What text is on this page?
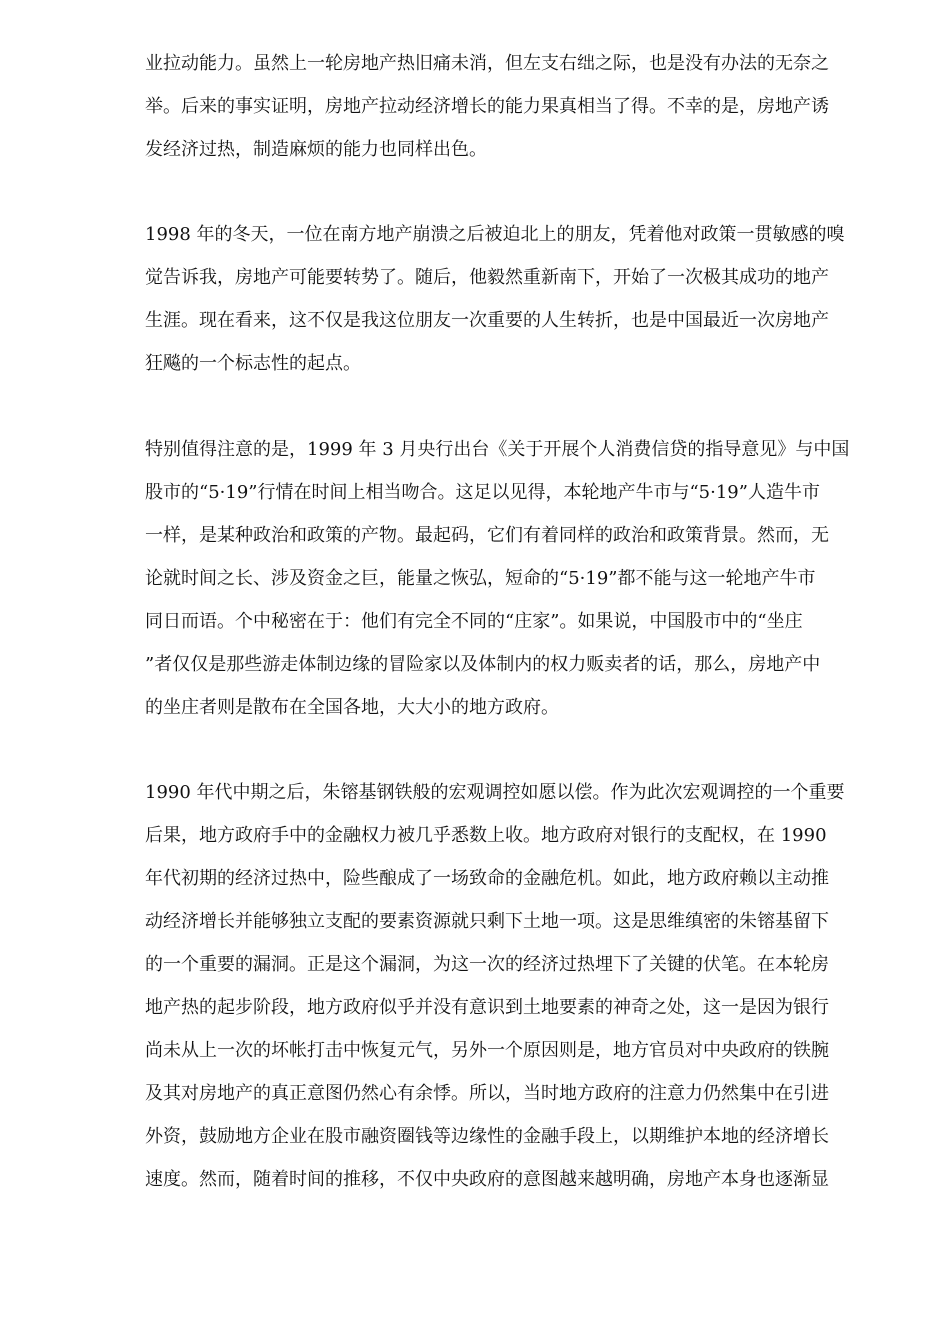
业拉动能力。虽然上一轮房地产热旧痛未消，但左支右绌之际，也是没有办法的无奈之
举。后来的事实证明，房地产拉动经济增长的能力果真相当了得。不幸的是，房地产诱
发经济过热，制造麻烦的能力也同样出色。
1998 年的冬天，一位在南方地产崩溃之后被迫北上的朋友，凭着他对政策一贯敏感的嗅
觉告诉我，房地产可能要转势了。随后，他毅然重新南下，开始了一次极其成功的地产
生涯。现在看来，这不仅是我这位朋友一次重要的人生转折，也是中国最近一次房地产
狂飚的一个标志性的起点。
特别值得注意的是，1999 年 3 月央行出台《关于开展个人消费信贷的指导意见》与中国
股市的“5·19”行情在时间上相当吻合。这足以见得，本轮地产牛市与“5·19”人造牛市
一样，是某种政治和政策的产物。最起码，它们有着同样的政治和政策背景。然而，无
论就时间之长、涉及资金之巨，能量之恢弘，短命的“5·19”都不能与这一轮地产牛市
同日而语。个中秘密在于：他们有完全不同的“庄家”。如果说，中国股市中的“坐庄
”者仅仅是那些游走体制边缘的冒险家以及体制内的权力贩卖者的话，那么，房地产中
的坐庄者则是散布在全国各地，大大小的地方政府。
1990 年代中期之后，朱镕基钢铁般的宏观调控如愿以偿。作为此次宏观调控的一个重要
后果，地方政府手中的金融权力被几乎悉数上收。地方政府对银行的支配权，在 1990
年代初期的经济过热中，险些酿成了一场致命的金融危机。如此，地方政府赖以主动推
动经济增长并能够独立支配的要素资源就只剩下土地一项。这是思维缜密的朱镕基留下
的一个重要的漏洞。正是这个漏洞，为这一次的经济过热埋下了关键的伏笔。在本轮房
地产热的起步阶段，地方政府似乎并没有意识到土地要素的神奇之处，这一是因为银行
尚未从上一次的坏帐打击中恢复元气，另外一个原因则是，地方官员对中央政府的铁腕
及其对房地产的真正意图仍然心有余悸。所以，当时地方政府的注意力仍然集中在引进
外资，鼓励地方企业在股市融资圈钱等边缘性的金融手段上，以期维护本地的经济增长
速度。然而，随着时间的推移，不仅中央政府的意图越来越明确，房地产本身也逐渐显
